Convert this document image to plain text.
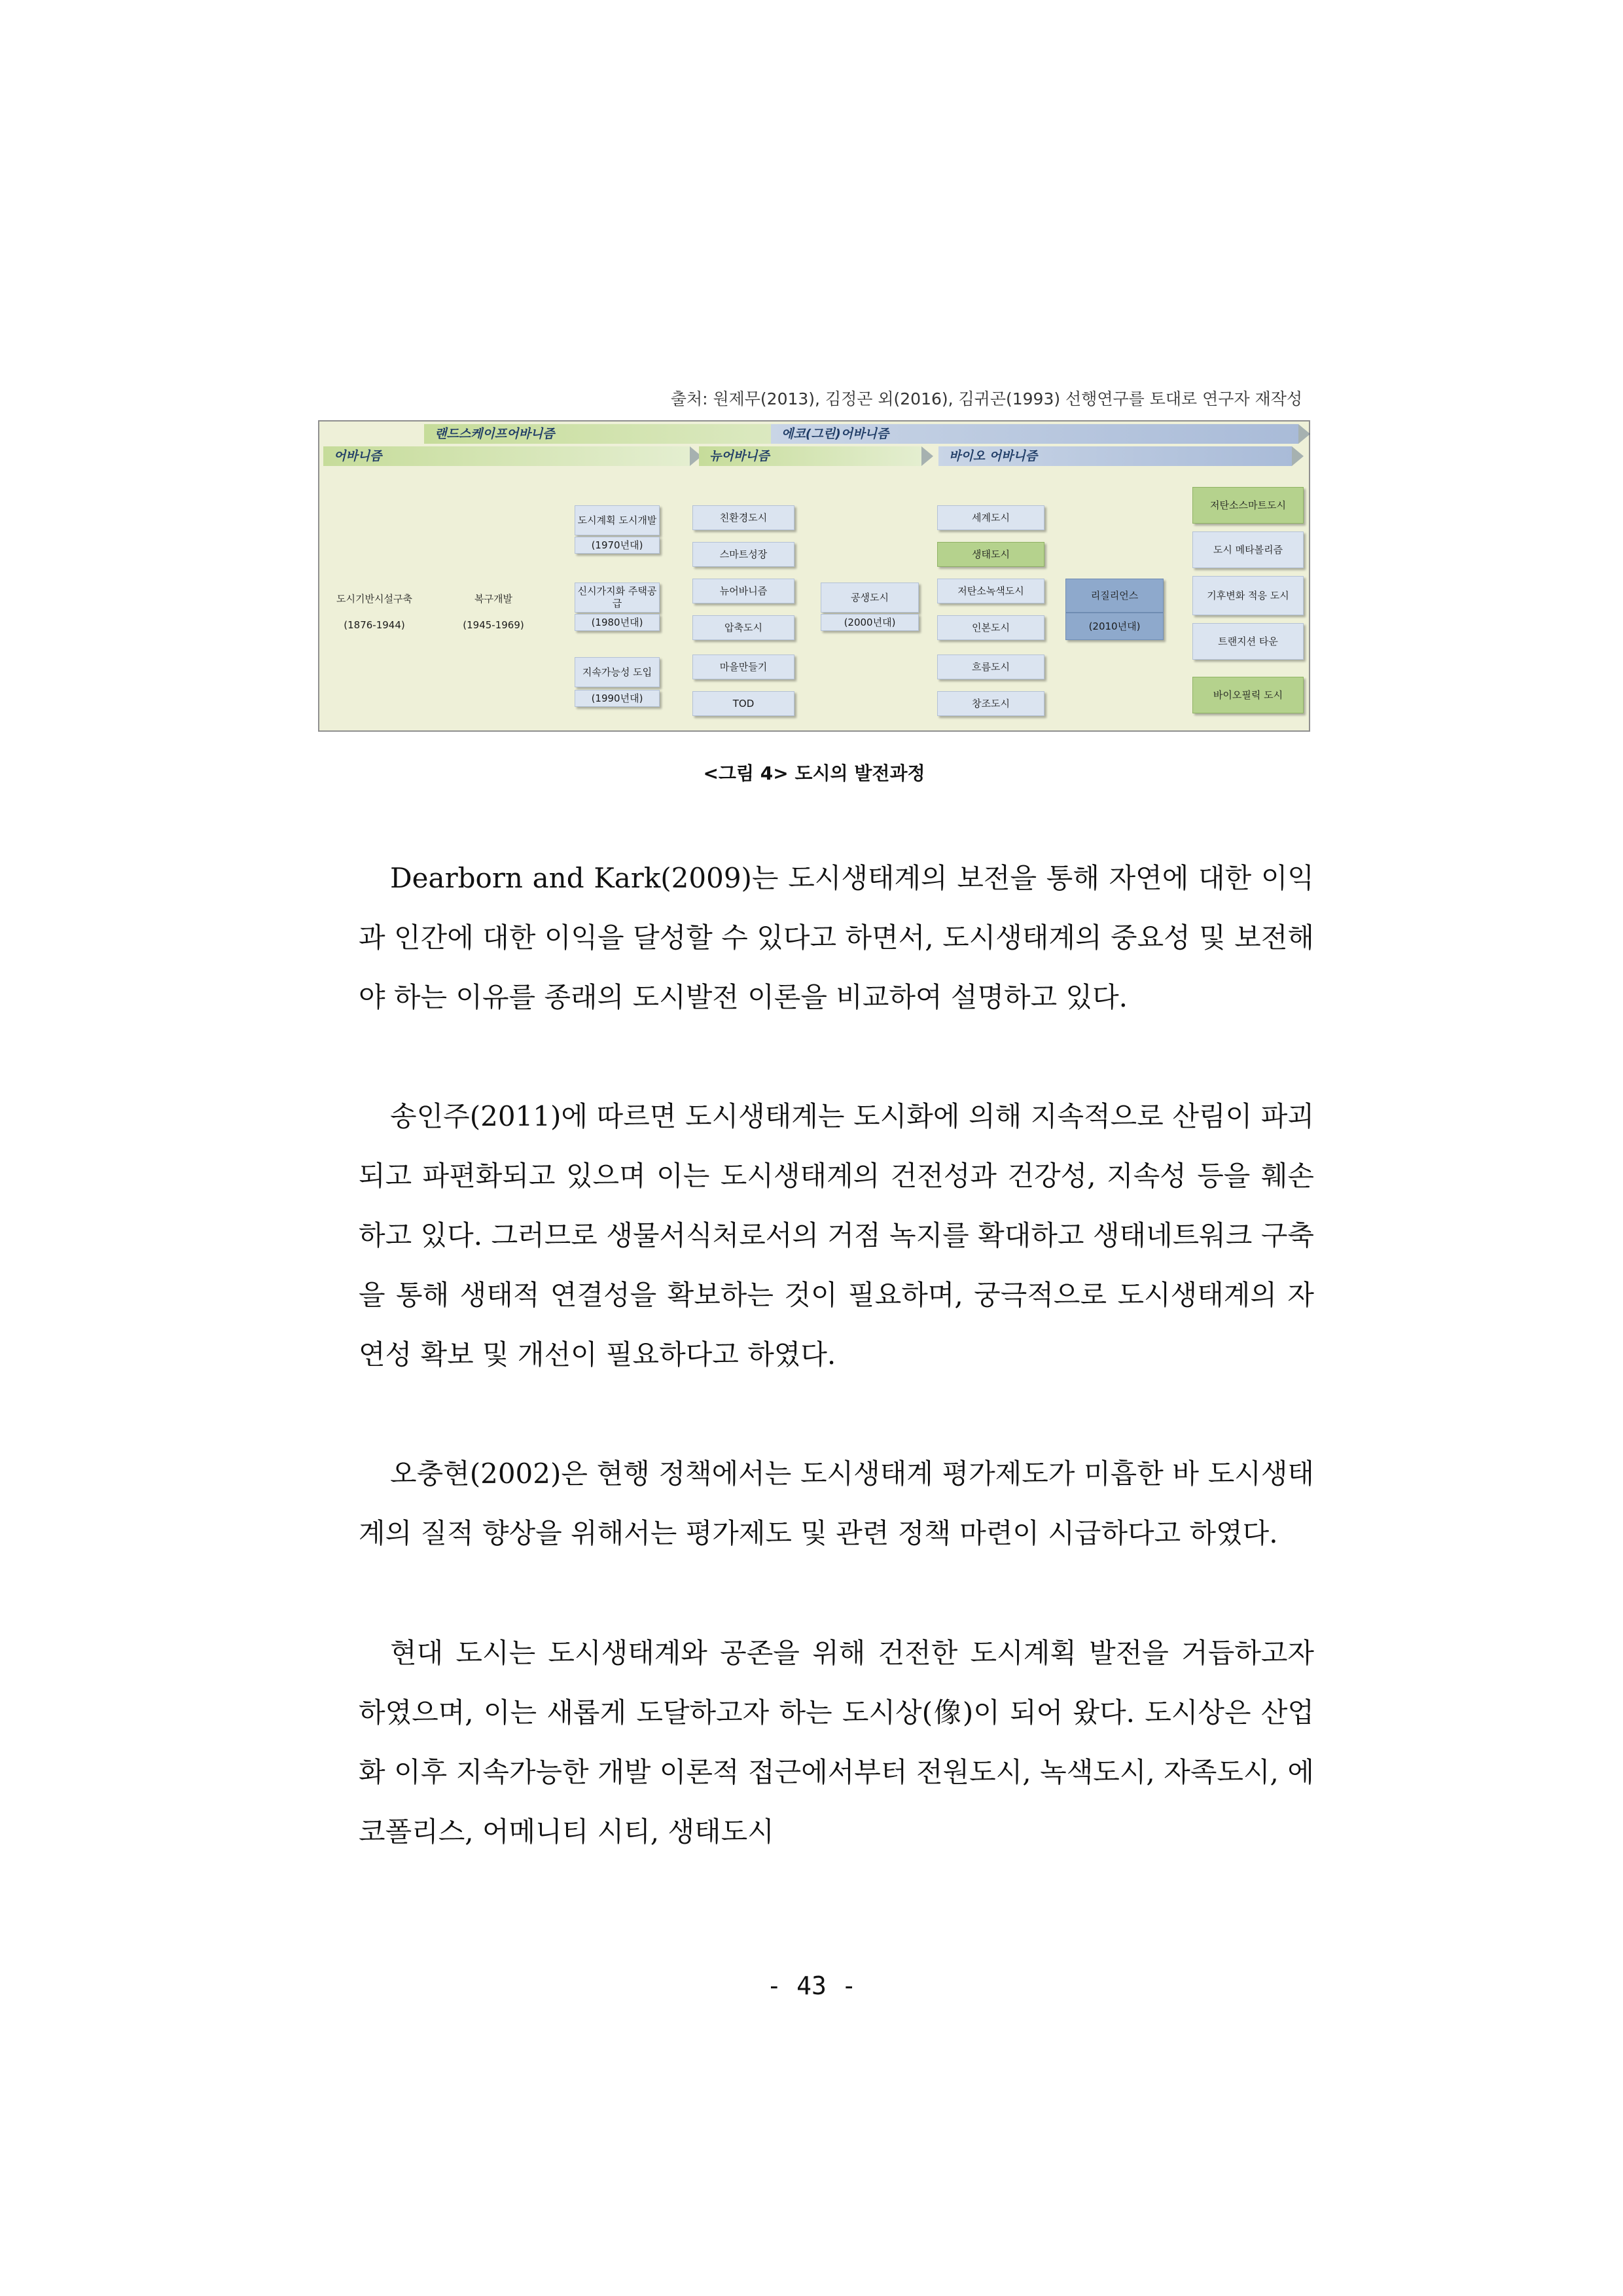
출처: 원제무(2013), 김정곤 외(2016), 김귀곤(1993) 선행연구를 토대로 연구자 재작성
랜드스케이프어바니즘	에코(그린)어바니즘
어바니즘	뉴어바니즘	바이오 어바니즘
도시기반시설구축
(1876-1944)
복구개발
(1945-1969)
도시계획 도시개발
(1970년대)
신시가지화 주택공급
(1980년대)
지속가능성 도입
(1990년대)
친환경도시
스마트성장
뉴어바니즘
압축도시
마을만들기
TOD
공생도시
(2000년대)
세계도시
생태도시
저탄소녹색도시
인본도시
흐름도시
창조도시
리질리언스
(2010년대)
저탄소스마트도시
도시 메타볼리즘
기후변화 적응 도시
트랜지션 타운
바이오필릭 도시
<그림 4> 도시의 발전과정

Dearborn and Kark(2009)는 도시생태계의 보전을 통해 자연에 대한 이익과 인간에 대한 이익을 달성할 수 있다고 하면서, 도시생태계의 중요성 및 보전해야 하는 이유를 종래의 도시발전 이론을 비교하여 설명하고 있다.

송인주(2011)에 따르면 도시생태계는 도시화에 의해 지속적으로 산림이 파괴되고 파편화되고 있으며 이는 도시생태계의 건전성과 건강성, 지속성 등을 훼손하고 있다. 그러므로 생물서식처로서의 거점 녹지를 확대하고 생태네트워크 구축을 통해 생태적 연결성을 확보하는 것이 필요하며, 궁극적으로 도시생태계의 자연성 확보 및 개선이 필요하다고 하였다.

오충현(2002)은 현행 정책에서는 도시생태계 평가제도가 미흡한 바 도시생태계의 질적 향상을 위해서는 평가제도 및 관련 정책 마련이 시급하다고 하였다.

현대 도시는 도시생태계와 공존을 위해 건전한 도시계획 발전을 거듭하고자 하였으며, 이는 새롭게 도달하고자 하는 도시상(像)이 되어 왔다. 도시상은 산업화 이후 지속가능한 개발 이론적 접근에서부터 전원도시, 녹색도시, 자족도시, 에코폴리스, 어메니티 시티, 생태도시

- 43 -
